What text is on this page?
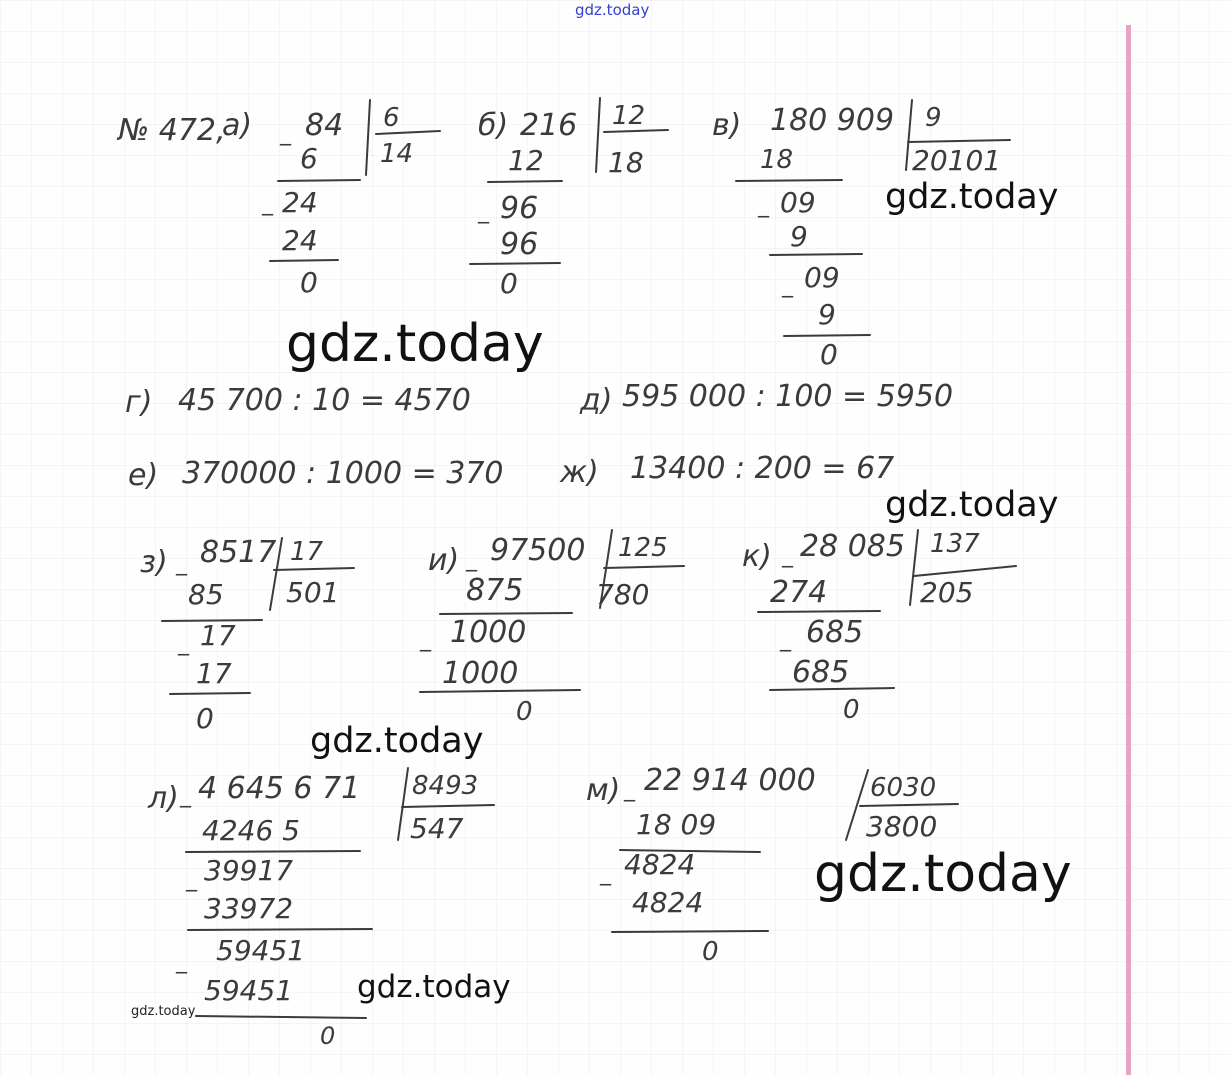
gdz.today
№ 472,
а) 84 6
14
_
6
_ 24
24
0
б) 216 12
18
12
_ 96
96
0
в) 180 909 9
20101
18
_ 09
9
_ 09
9
0
г) 45 700 : 10 = 4570	д) 595 000 : 100 = 5950
е) 370000 : 1000 = 370 ж) 13400 : 200 = 67
з) _ 8517 17
501
85
_ 17
17
0
и) _ 97500 125
780
875
_ 1000
1000
0
к) _ 28 085 137
205
274
_ 685
685
0
л) _ 4 645 6 71 8493
547
4246 5
_ 39917
33972
_ 59451
59451
0
м) _ 22 914 000 6030
3800
18 09
_ 4824
4824
0
gdz.today
gdz.today
gdz.today
gdz.today
gdz.today
gdz.today
gdz.today
